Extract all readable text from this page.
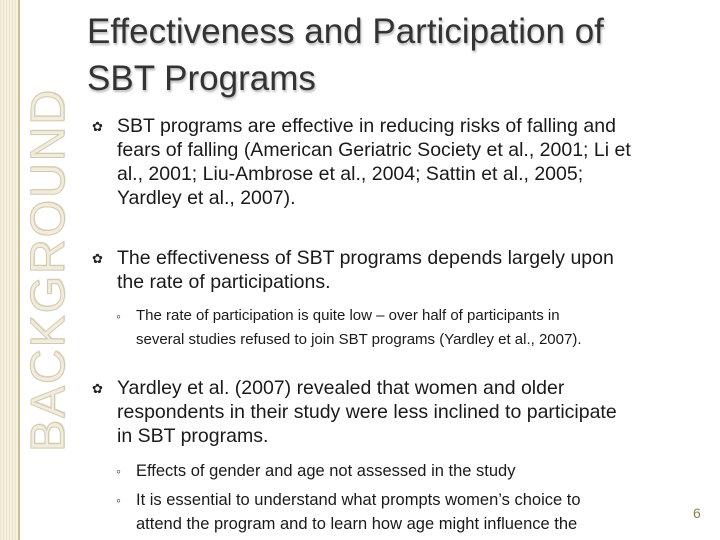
BACKGROUND
Effectiveness and Participation of
SBT Programs
✿ SBT programs are effective in reducing risks of falling and
fears of falling (American Geriatric Society et al., 2001; Li et
al., 2001; Liu-Ambrose et al., 2004; Sattin et al., 2005;
Yardley et al., 2007).
✿ The effectiveness of SBT programs depends largely upon
the rate of participations.
◦	The rate of participation is quite low – over half of participants in
several studies refused to join SBT programs (Yardley et al., 2007).
✿ Yardley et al. (2007) revealed that women and older
respondents in their study were less inclined to participate
in SBT programs.
◦ Effects of gender and age not assessed in the study
◦ It is essential to understand what prompts women’s choice to
attend the program and to learn how age might influence the
6
